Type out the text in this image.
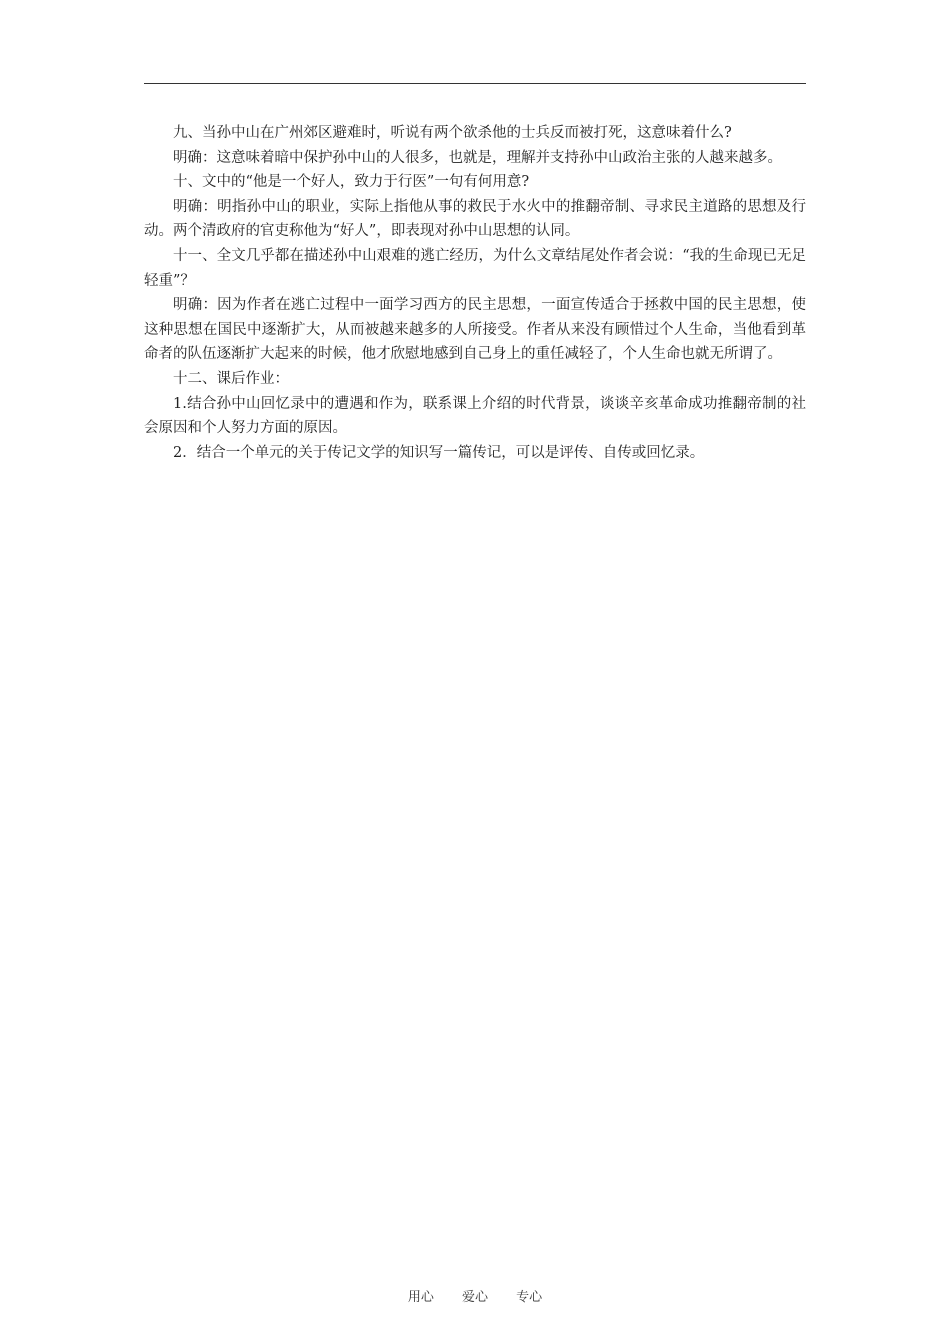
九、当孙中山在广州郊区避难时，听说有两个欲杀他的士兵反而被打死，这意味着什么?

明确：这意味着暗中保护孙中山的人很多，也就是，理解并支持孙中山政治主张的人越来越多。

十、文中的“他是一个好人，致力于行医”一句有何用意?

明确：明指孙中山的职业，实际上指他从事的救民于水火中的推翻帝制、寻求民主道路的思想及行动。两个清政府的官吏称他为“好人”，即表现对孙中山思想的认同。

十一、全文几乎都在描述孙中山艰难的逃亡经历，为什么文章结尾处作者会说：“我的生命现已无足轻重”？

明确：因为作者在逃亡过程中一面学习西方的民主思想，一面宣传适合于拯救中国的民主思想，使这种思想在国民中逐渐扩大，从而被越来越多的人所接受。作者从来没有顾惜过个人生命，当他看到革命者的队伍逐渐扩大起来的时候，他才欣慰地感到自己身上的重任减轻了，个人生命也就无所谓了。

十二、课后作业：

1.结合孙中山回忆录中的遭遇和作为，联系课上介绍的时代背景，谈谈辛亥革命成功推翻帝制的社会原因和个人努力方面的原因。

2．结合一个单元的关于传记文学的知识写一篇传记，可以是评传、自传或回忆录。

用心 爱心 专心
